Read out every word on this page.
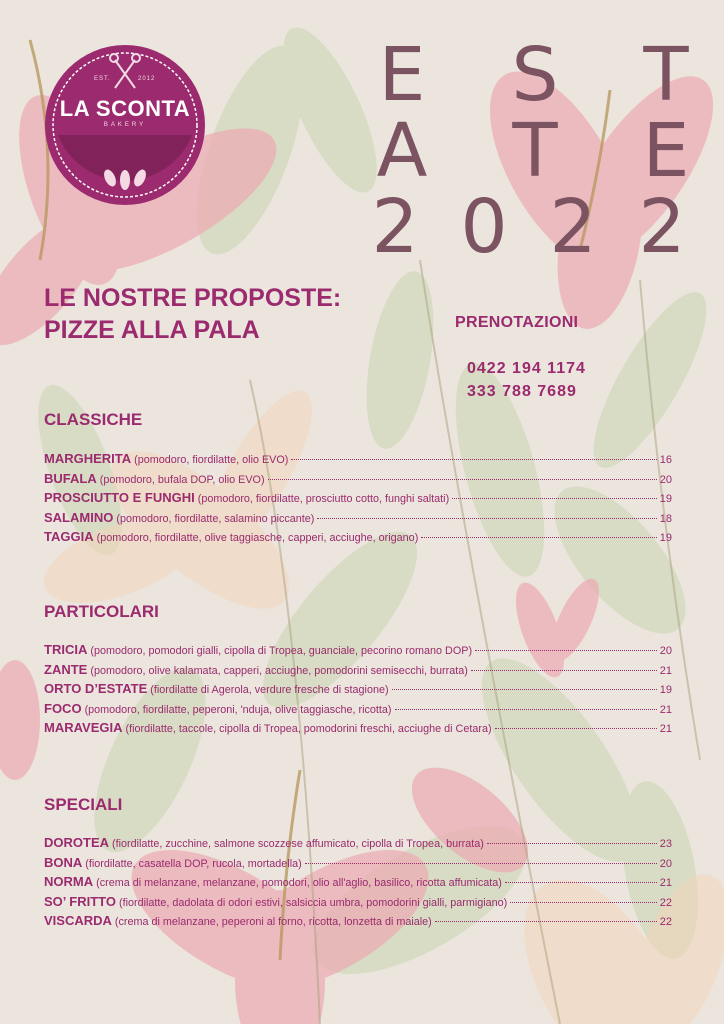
EST.	2012
LA SCONTA
BAKERY
E S T
A T E
2 0 2 2
LE NOSTRE PROPOSTE:
PIZZE ALLA PALA	PRENOTAZIONI
0422 194 1174
333 788 7689
CLASSICHE
PARTICOLARI
SPECIALI
MARGHERITA (pomodoro, fiordilatte, olio EVO)	16
BUFALA (pomodoro, bufala DOP, olio EVO)	20
PROSCIUTTO E FUNGHI (pomodoro, fiordilatte, prosciutto cotto, funghi saltati)	19
SALAMINO (pomodoro, fiordilatte, salamino piccante)	18
TAGGIA (pomodoro, fiordilatte, olive taggiasche, capperi, acciughe, origano)	19
TRICIA (pomodoro, pomodori gialli, cipolla di Tropea, guanciale, pecorino romano DOP)	20
ZANTE (pomodoro, olive kalamata, capperi, acciughe, pomodorini semisecchi, burrata)	21
ORTO D’ESTATE (fiordilatte di Agerola, verdure fresche di stagione)	19
FOCO (pomodoro, fiordilatte, peperoni, 'nduja, olive taggiasche, ricotta)	21
MARAVEGIA (fiordilatte, taccole, cipolla di Tropea, pomodorini freschi, acciughe di Cetara)	21
DOROTEA (fiordilatte, zucchine, salmone scozzese affumicato, cipolla di Tropea, burrata)	23
BONA (fiordilatte, casatella DOP, rucola, mortadella)	20
NORMA (crema di melanzane, melanzane, pomodori, olio all'aglio, basilico, ricotta affumicata)	21
SO’ FRITTO (fiordilatte, dadolata di odori estivi, salsiccia umbra, pomodorini gialli, parmigiano)	22
VISCARDA (crema di melanzane, peperoni al forno, ricotta, lonzetta di maiale)	22
